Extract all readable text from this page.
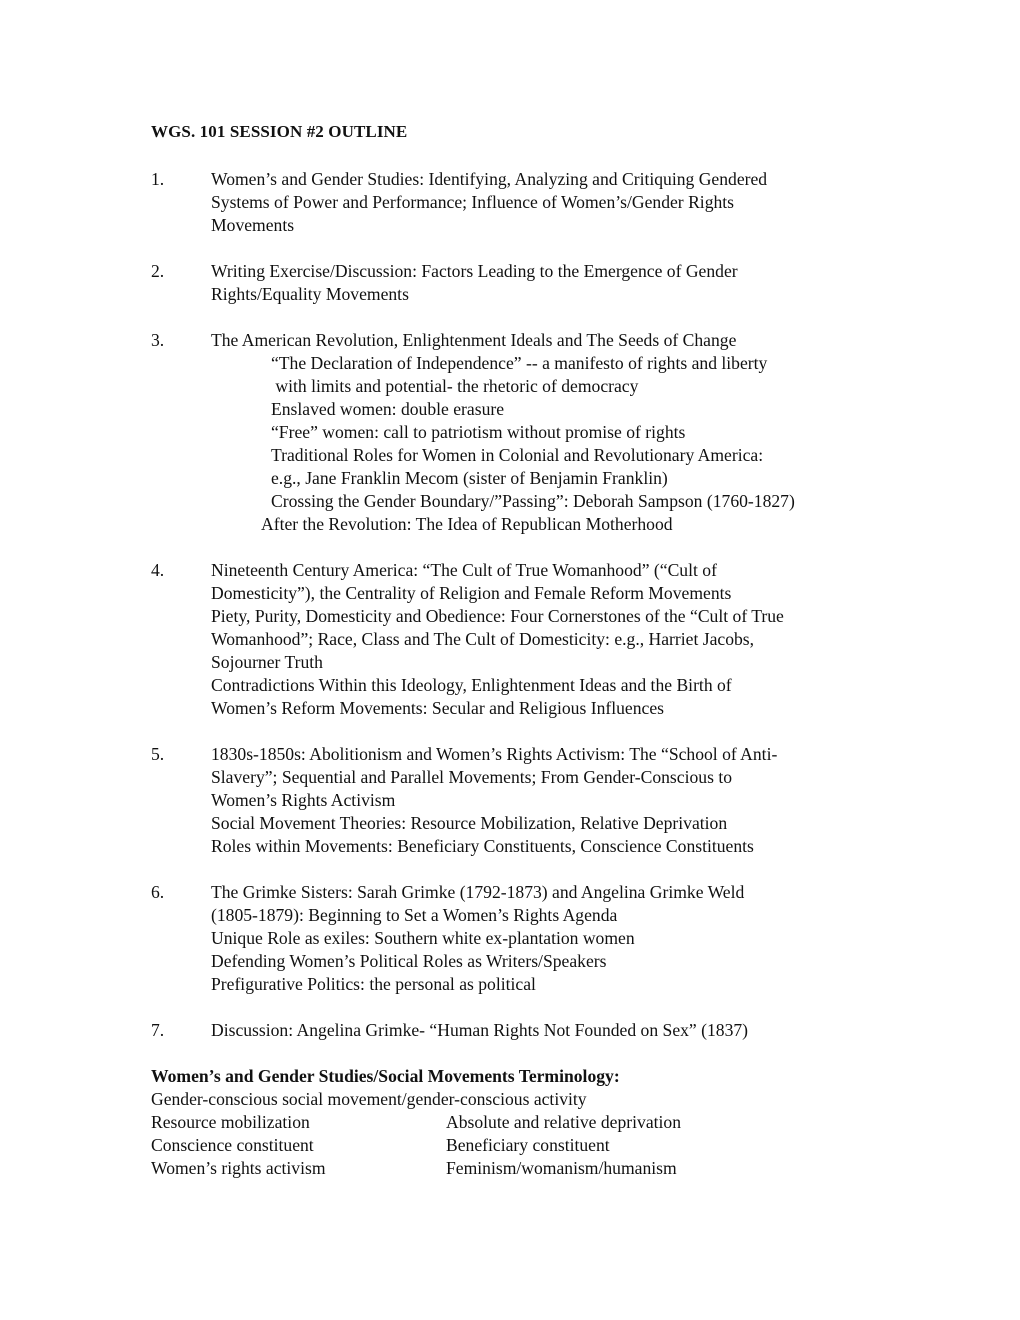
WGS. 101 SESSION #2 OUTLINE
1.	Women’s and Gender Studies: Identifying, Analyzing and Critiquing Gendered
Systems of Power and Performance; Influence of Women’s/Gender Rights
Movements
2.	Writing Exercise/Discussion: Factors Leading to the Emergence of Gender
Rights/Equality Movements
3.	The American Revolution, Enlightenment Ideals and The Seeds of Change
“The Declaration of Independence” -- a manifesto of rights and liberty
with limits and potential- the rhetoric of democracy
Enslaved women: double erasure
“Free” women: call to patriotism without promise of rights
Traditional Roles for Women in Colonial and Revolutionary America:
e.g., Jane Franklin Mecom (sister of Benjamin Franklin)
Crossing the Gender Boundary/”Passing”: Deborah Sampson (1760-1827)
After the Revolution: The Idea of Republican Motherhood
4.	Nineteenth Century America: “The Cult of True Womanhood” (“Cult of
Domesticity”), the Centrality of Religion and Female Reform Movements
Piety, Purity, Domesticity and Obedience: Four Cornerstones of the “Cult of True
Womanhood”; Race, Class and The Cult of Domesticity: e.g., Harriet Jacobs,
Sojourner Truth
Contradictions Within this Ideology, Enlightenment Ideas and the Birth of
Women’s Reform Movements: Secular and Religious Influences
5.	1830s-1850s: Abolitionism and Women’s Rights Activism: The “School of Anti-
Slavery”; Sequential and Parallel Movements; From Gender-Conscious to
Women’s Rights Activism
Social Movement Theories: Resource Mobilization, Relative Deprivation
Roles within Movements: Beneficiary Constituents, Conscience Constituents
6.	The Grimke Sisters: Sarah Grimke (1792-1873) and Angelina Grimke Weld
(1805-1879): Beginning to Set a Women’s Rights Agenda
Unique Role as exiles: Southern white ex-plantation women
Defending Women’s Political Roles as Writers/Speakers
Prefigurative Politics: the personal as political
7.	Discussion: Angelina Grimke- “Human Rights Not Founded on Sex” (1837)
Women’s and Gender Studies/Social Movements Terminology:
Gender-conscious social movement/gender-conscious activity
Resource mobilization	Absolute and relative deprivation
Conscience constituent	Beneficiary constituent
Women’s rights activism	Feminism/womanism/humanism
